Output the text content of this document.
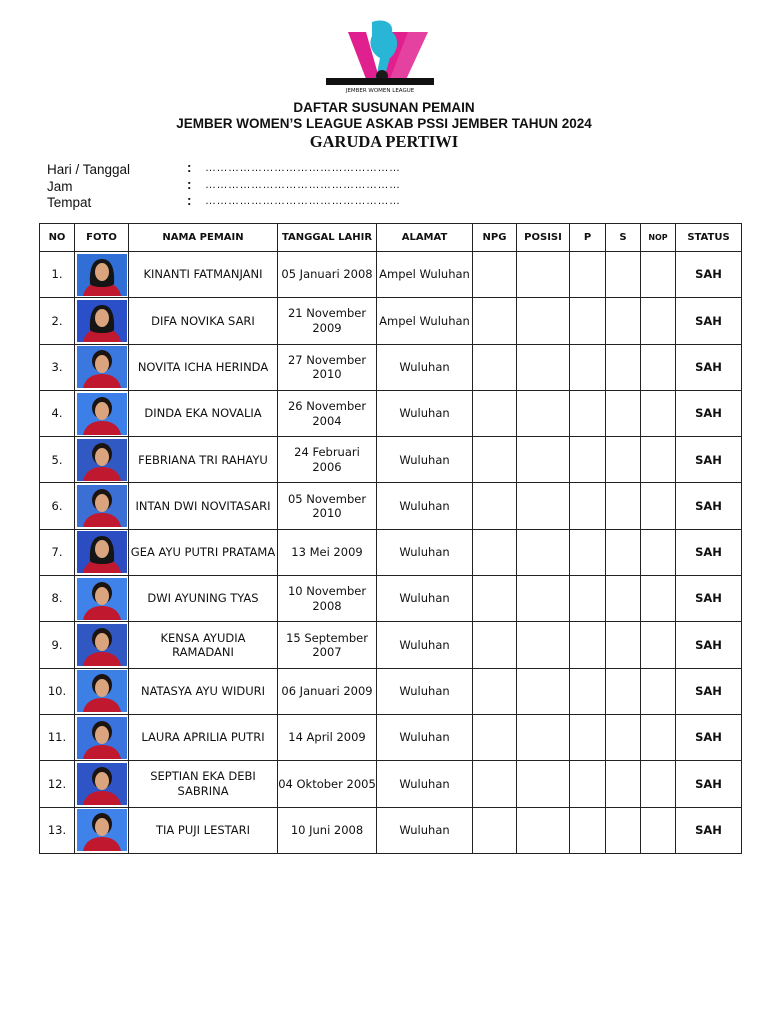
JEMBER WOMEN LEAGUE
DAFTAR SUSUNAN PEMAIN
JEMBER WOMEN’S LEAGUE ASKAB PSSI JEMBER TAHUN 2024
GARUDA PERTIWI
Hari / Tanggal	: ……………………………………………
Jam	: ……………………………………………
Tempat	: ……………………………………………
NO	FOTO	NAMA PEMAIN	TANGGAL LAHIR	ALAMAT	NPG	POSISI	P	S	NOP	STATUS
1.		KINANTI FATMANJANI	05 Januari 2008	Ampel Wuluhan						SAH
2.		DIFA NOVIKA SARI	21 November 2009	Ampel Wuluhan						SAH
3.		NOVITA ICHA HERINDA	27 November 2010	Wuluhan						SAH
4.		DINDA EKA NOVALIA	26 November 2004	Wuluhan						SAH
5.		FEBRIANA TRI RAHAYU	24 Februari 2006	Wuluhan						SAH
6.		INTAN DWI NOVITASARI	05 November 2010	Wuluhan						SAH
7.		GEA AYU PUTRI PRATAMA	13 Mei 2009	Wuluhan						SAH
8.		DWI AYUNING TYAS	10 November 2008	Wuluhan						SAH
9.		KENSA AYUDIA RAMADANI	15 September 2007	Wuluhan						SAH
10.		NATASYA AYU WIDURI	06 Januari 2009	Wuluhan						SAH
11.		LAURA APRILIA PUTRI	14 April 2009	Wuluhan						SAH
12.		SEPTIAN EKA DEBI SABRINA	04 Oktober 2005	Wuluhan						SAH
13.		TIA PUJI LESTARI	10 Juni 2008	Wuluhan						SAH
